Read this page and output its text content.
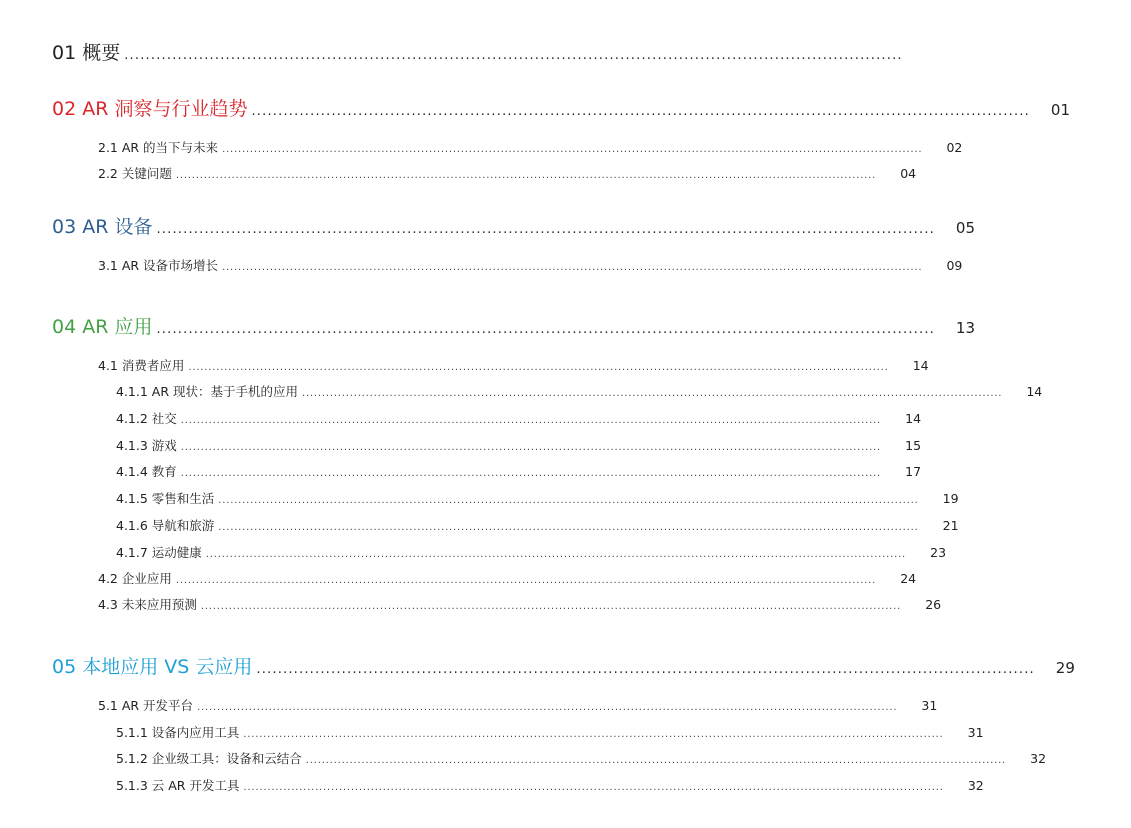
01 概要 ..................................................................................................................................................
02 AR 洞察与行业趋势 ..................................................................................................................................................	01
2.1 AR 的当下与未来 ................................................................................................................................................................................	02
2.2 关键问题 ................................................................................................................................................................................	04
03 AR 设备 ..................................................................................................................................................	05
3.1 AR 设备市场增长 ................................................................................................................................................................................	09
04 AR 应用 ..................................................................................................................................................	13
4.1 消费者应用 ................................................................................................................................................................................	14
4.1.1 AR 现状：基于手机的应用 ................................................................................................................................................................................	14
4.1.2 社交 ................................................................................................................................................................................	14
4.1.3 游戏 ................................................................................................................................................................................	15
4.1.4 教育 ................................................................................................................................................................................	17
4.1.5 零售和生活 ................................................................................................................................................................................	19
4.1.6 导航和旅游 ................................................................................................................................................................................	21
4.1.7 运动健康 ................................................................................................................................................................................	23
4.2 企业应用 ................................................................................................................................................................................	24
4.3 未来应用预测 ................................................................................................................................................................................	26
05 本地应用 VS 云应用 ..................................................................................................................................................	29
5.1 AR 开发平台 ................................................................................................................................................................................	31
5.1.1 设备内应用工具 ................................................................................................................................................................................	31
5.1.2 企业级工具：设备和云结合 ................................................................................................................................................................................	32
5.1.3 云 AR 开发工具 ................................................................................................................................................................................	32
